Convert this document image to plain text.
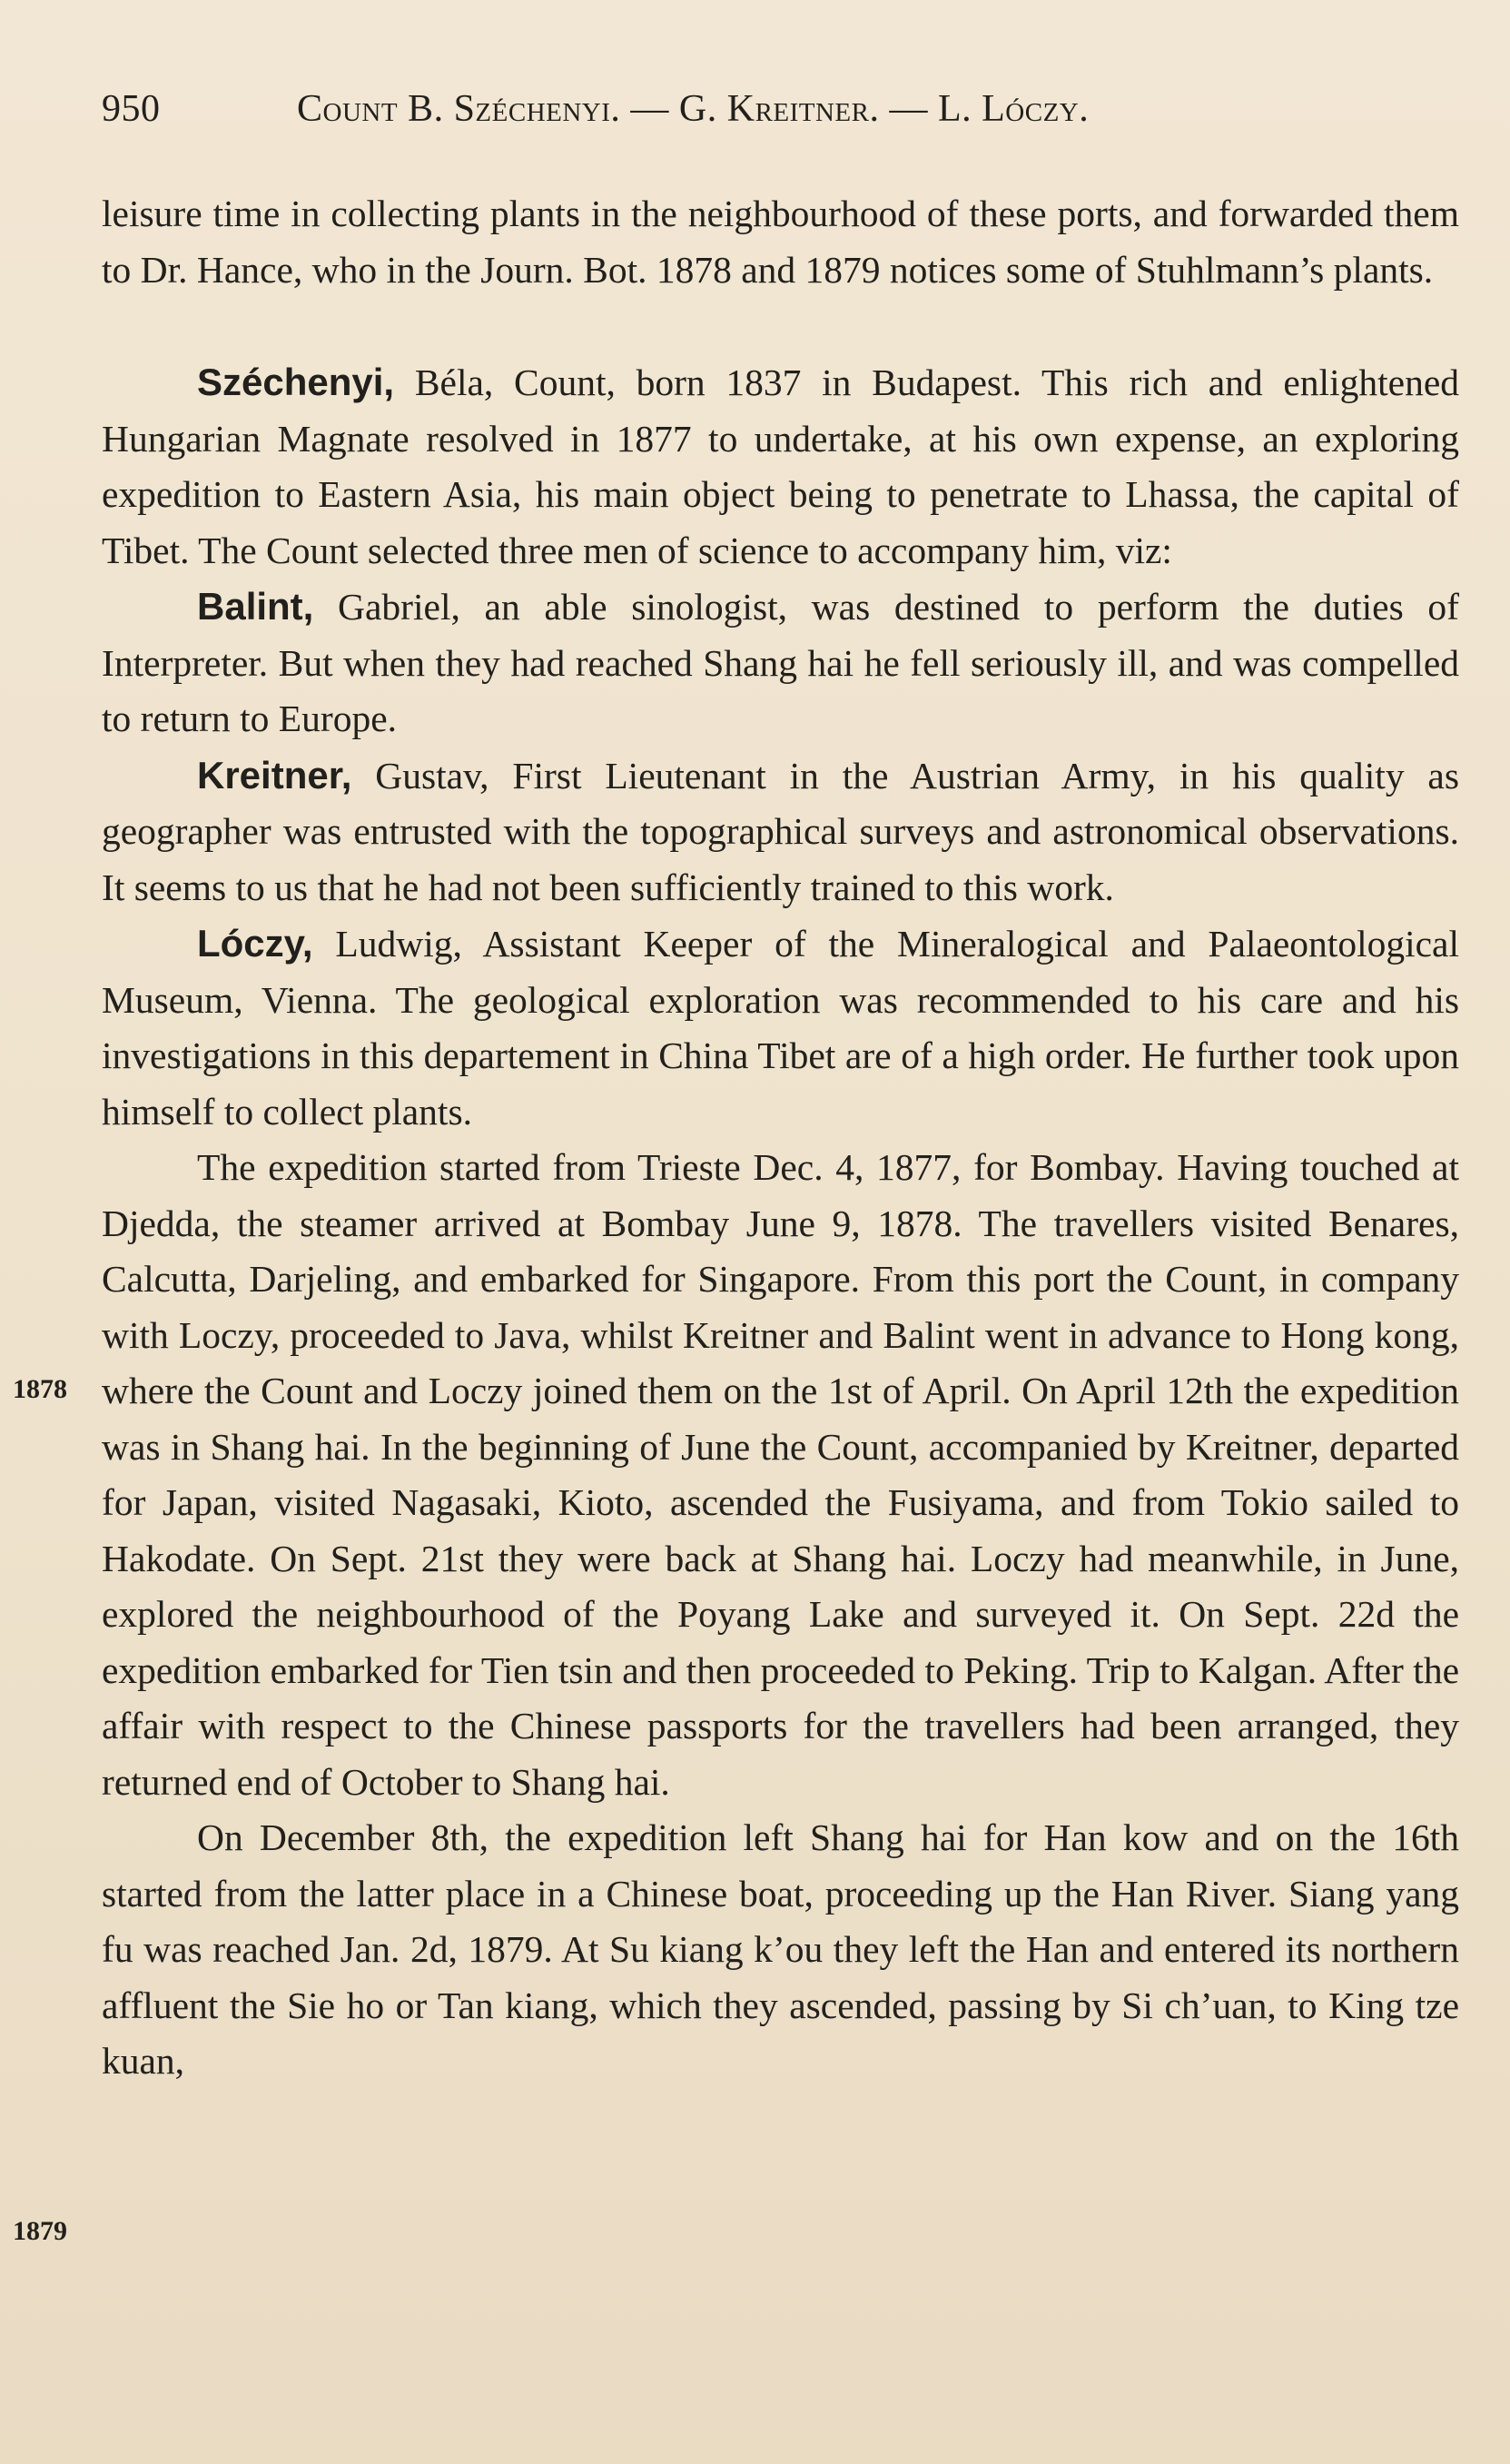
950	Count B. Széchenyi. — G. Kreitner. — L. Lóczy.
1878
1879

leisure time in collecting plants in the neighbourhood of these ports, and forwarded them to Dr. Hance, who in the Journ. Bot. 1878 and 1879 notices some of Stuhlmann’s plants.

Széchenyi, Béla, Count, born 1837 in Budapest. This rich and enlightened Hungarian Magnate resolved in 1877 to undertake, at his own expense, an exploring expedition to Eastern Asia, his main object being to penetrate to Lhassa, the capital of Tibet. The Count selected three men of science to accompany him, viz:

Balint, Gabriel, an able sinologist, was destined to perform the duties of Interpreter. But when they had reached Shang hai he fell seriously ill, and was compelled to return to Europe.

Kreitner, Gustav, First Lieutenant in the Austrian Army, in his quality as geographer was entrusted with the topographical surveys and astronomical observations. It seems to us that he had not been sufficiently trained to this work.

Lóczy, Ludwig, Assistant Keeper of the Mineralogical and Palaeontological Museum, Vienna. The geological exploration was recommended to his care and his investigations in this departement in China Tibet are of a high order. He further took upon himself to collect plants.

The expedition started from Trieste Dec. 4, 1877, for Bombay. Having touched at Djedda, the steamer arrived at Bombay June 9, 1878. The travellers visited Benares, Calcutta, Darjeling, and embarked for Singapore. From this port the Count, in company with Loczy, proceeded to Java, whilst Kreitner and Balint went in advance to Hong kong, where the Count and Loczy joined them on the 1st of April. On April 12th the expedition was in Shang hai. In the beginning of June the Count, accompanied by Kreitner, departed for Japan, visited Nagasaki, Kioto, ascended the Fusiyama, and from Tokio sailed to Hakodate. On Sept. 21st they were back at Shang hai. Loczy had meanwhile, in June, explored the neighbourhood of the Poyang Lake and surveyed it. On Sept. 22d the expedition embarked for Tien tsin and then proceeded to Peking. Trip to Kalgan. After the affair with respect to the Chinese passports for the travellers had been arranged, they returned end of October to Shang hai.

On December 8th, the expedition left Shang hai for Han kow and on the 16th started from the latter place in a Chinese boat, proceeding up the Han River. Siang yang fu was reached Jan. 2d, 1879. At Su kiang k’ou they left the Han and entered its northern affluent the Sie ho or Tan kiang, which they ascended, passing by Si ch’uan, to King tze kuan,
